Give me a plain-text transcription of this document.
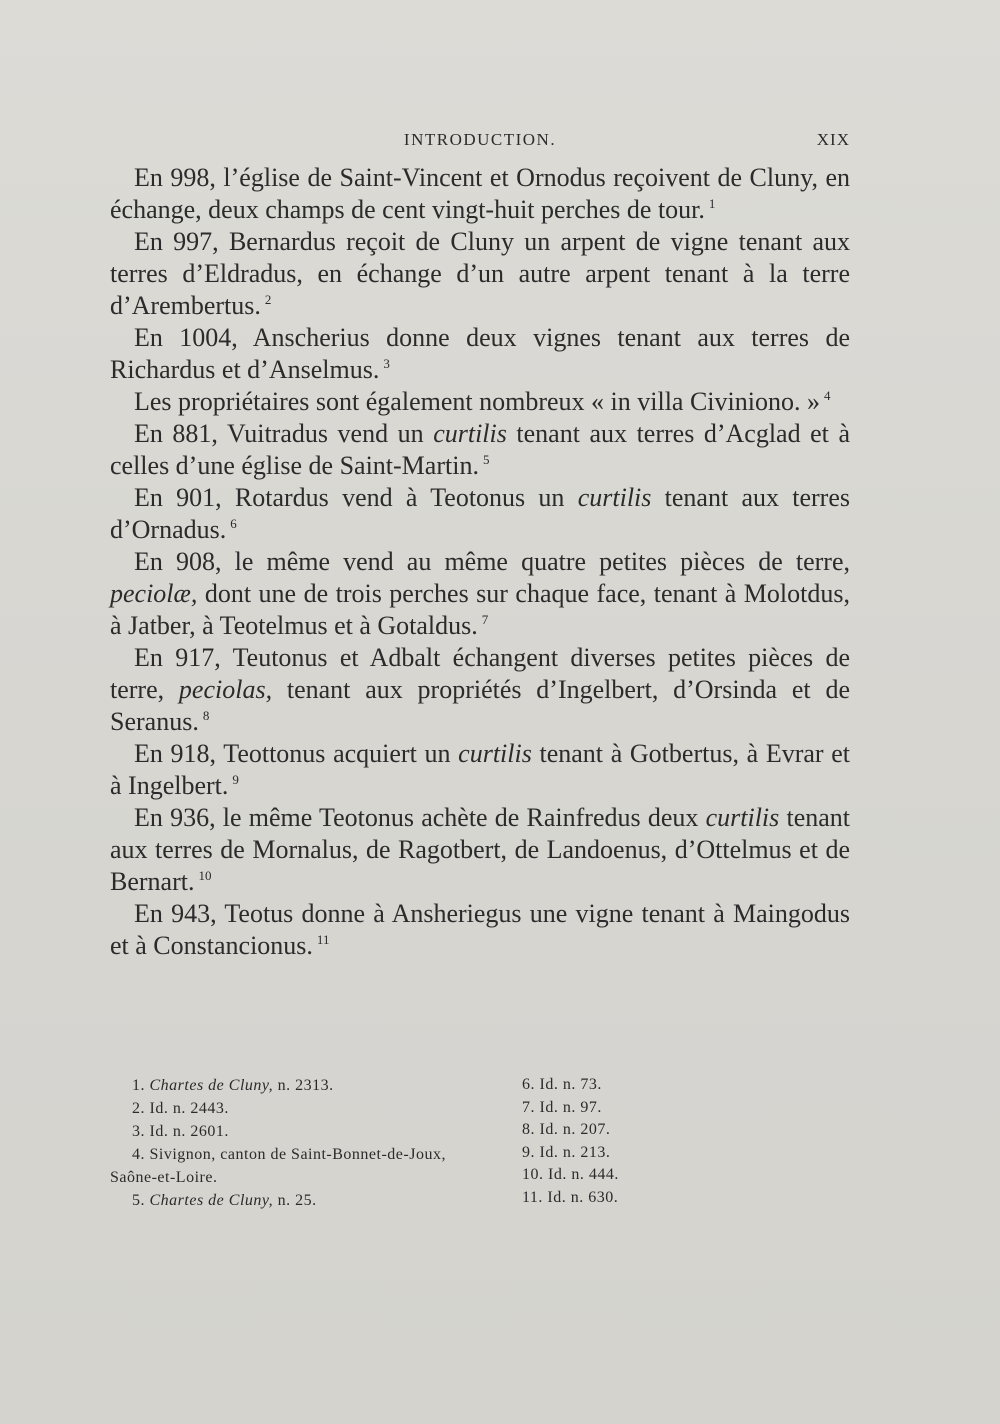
INTRODUCTION.	XIX

En 998, l’église de Saint-Vincent et Ornodus reçoivent de Cluny, en échange, deux champs de cent vingt-huit perches de tour. $^1$

En 997, Bernardus reçoit de Cluny un arpent de vigne tenant aux terres d’Eldradus, en échange d’un autre arpent tenant à la terre d’Arembertus. $^2$

En 1004, Anscherius donne deux vignes tenant aux terres de Richardus et d’Anselmus. $^3$

Les propriétaires sont également nombreux « in villa Civiniono. » $^4$

En 881, Vuitradus vend un curtilis tenant aux terres d’Acglad et à celles d’une église de Saint-Martin. $^5$

En 901, Rotardus vend à Teotonus un curtilis tenant aux terres d’Ornadus. $^6$

En 908, le même vend au même quatre petites pièces de terre, peciolæ, dont une de trois perches sur chaque face, tenant à Molotdus, à Jatber, à Teotelmus et à Gotaldus. $^7$

En 917, Teutonus et Adbalt échangent diverses petites pièces de terre, peciolas, tenant aux propriétés d’Ingelbert, d’Orsinda et de Seranus. $^8$

En 918, Teottonus acquiert un curtilis tenant à Gotbertus, à Evrar et à Ingelbert. $^9$

En 936, le même Teotonus achète de Rainfredus deux curtilis tenant aux terres de Mornalus, de Ragotbert, de Landoenus, d’Ottelmus et de Bernart. $^{10}$

En 943, Teotus donne à Ansheriegus une vigne tenant à Maingodus et à Constancionus. $^{11}$

1. Chartes de Cluny, n. 2313.

2. Id. n. 2443.

3. Id. n. 2601.

4. Sivignon, canton de Saint-Bonnet-de-Joux, Saône-et-Loire.

5. Chartes de Cluny, n. 25.

6. Id. n. 73.

7. Id. n. 97.

8. Id. n. 207.

9. Id. n. 213.

10. Id. n. 444.

11. Id. n. 630.
